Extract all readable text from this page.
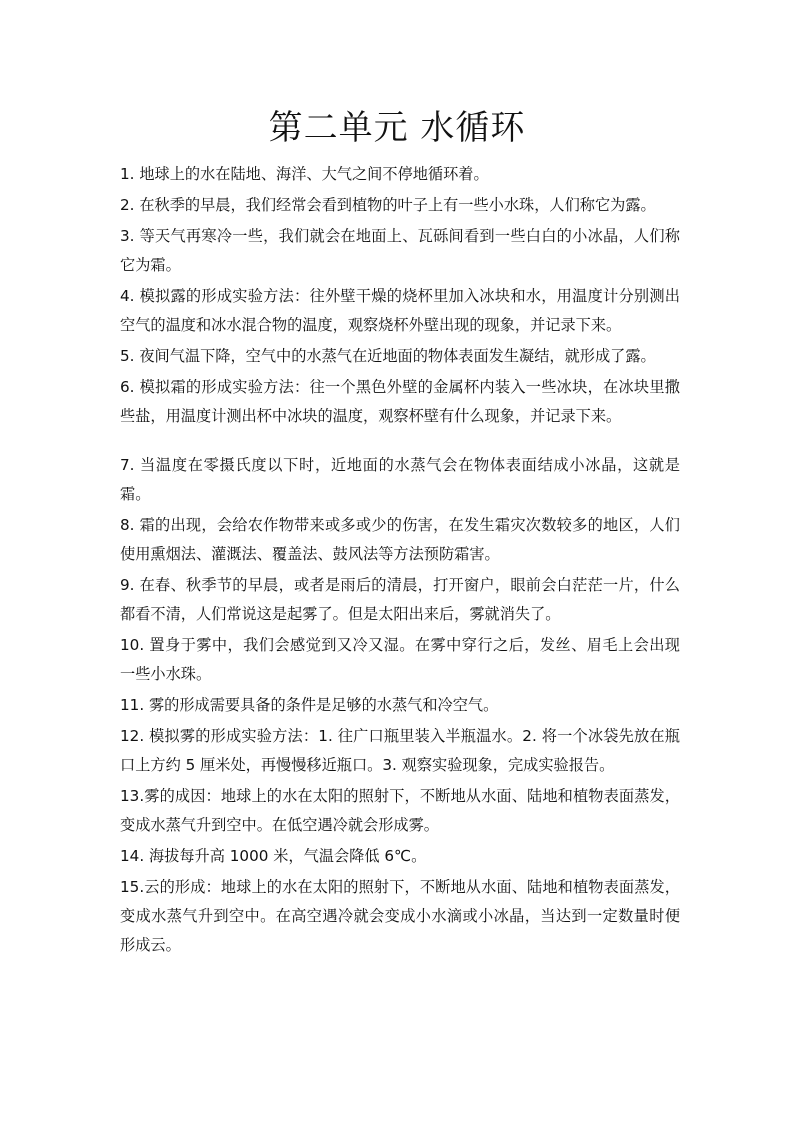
第二单元 水循环

1. 地球上的水在陆地、海洋、大气之间不停地循环着。

2. 在秋季的早晨，我们经常会看到植物的叶子上有一些小水珠，人们称它为露。

3. 等天气再寒冷一些，我们就会在地面上、瓦砾间看到一些白白的小冰晶，人们称它为霜。

4. 模拟露的形成实验方法：往外壁干燥的烧杯里加入冰块和水，用温度计分别测出空气的温度和冰水混合物的温度，观察烧杯外壁出现的现象，并记录下来。

5. 夜间气温下降，空气中的水蒸气在近地面的物体表面发生凝结，就形成了露。

6. 模拟霜的形成实验方法：往一个黑色外壁的金属杯内装入一些冰块，在冰块里撒些盐，用温度计测出杯中冰块的温度，观察杯壁有什么现象，并记录下来。

7. 当温度在零摄氏度以下时，近地面的水蒸气会在物体表面结成小冰晶，这就是霜。

8. 霜的出现，会给农作物带来或多或少的伤害，在发生霜灾次数较多的地区，人们使用熏烟法、灌溉法、覆盖法、鼓风法等方法预防霜害。

9. 在春、秋季节的早晨，或者是雨后的清晨，打开窗户，眼前会白茫茫一片，什么都看不清，人们常说这是起雾了。但是太阳出来后，雾就消失了。

10. 置身于雾中，我们会感觉到又冷又湿。在雾中穿行之后，发丝、眉毛上会出现一些小水珠。

11. 雾的形成需要具备的条件是足够的水蒸气和冷空气。

12. 模拟雾的形成实验方法：1. 往广口瓶里装入半瓶温水。2. 将一个冰袋先放在瓶口上方约 5 厘米处，再慢慢移近瓶口。3. 观察实验现象，完成实验报告。

13.雾的成因：地球上的水在太阳的照射下，不断地从水面、陆地和植物表面蒸发，变成水蒸气升到空中。在低空遇冷就会形成雾。

14. 海拔每升高 1000 米，气温会降低 6℃。

15.云的形成：地球上的水在太阳的照射下，不断地从水面、陆地和植物表面蒸发，变成水蒸气升到空中。在高空遇冷就会变成小水滴或小冰晶，当达到一定数量时便形成云。
